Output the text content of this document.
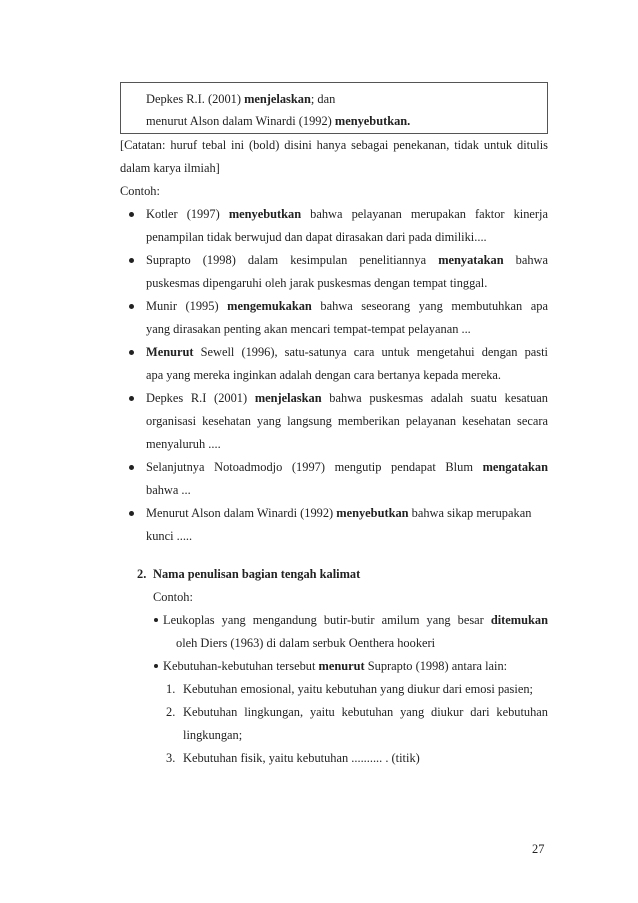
Depkes R.I. (2001) menjelaskan; dan
menurut Alson dalam Winardi (1992) menyebutkan.
[Catatan: huruf tebal ini (bold) disini hanya sebagai penekanan, tidak untuk ditulis
dalam karya ilmiah]
Contoh:
Kotler (1997) menyebutkan bahwa pelayanan merupakan faktor kinerja
penampilan tidak berwujud dan dapat dirasakan dari pada dimiliki....
Suprapto (1998) dalam kesimpulan penelitiannya menyatakan bahwa
puskesmas dipengaruhi oleh jarak puskesmas dengan tempat tinggal.
Munir (1995) mengemukakan bahwa seseorang yang membutuhkan apa
yang dirasakan penting akan mencari tempat-tempat pelayanan ...
Menurut Sewell (1996), satu-satunya cara untuk mengetahui dengan pasti
apa yang mereka inginkan adalah dengan cara bertanya kepada mereka.
Depkes R.I (2001) menjelaskan bahwa puskesmas adalah suatu kesatuan
organisasi kesehatan yang langsung memberikan pelayanan kesehatan secara
menyaluruh ....
Selanjutnya Notoadmodjo (1997) mengutip pendapat Blum mengatakan
bahwa ...
Menurut Alson dalam Winardi (1992) menyebutkan bahwa sikap merupakan
kunci .....
2. Nama penulisan bagian tengah kalimat
Contoh:
Leukoplas yang mengandung butir-butir amilum yang besar ditemukan
oleh Diers (1963) di dalam serbuk Oenthera hookeri
Kebutuhan-kebutuhan tersebut menurut Suprapto (1998) antara lain:
1. Kebutuhan emosional, yaitu kebutuhan yang diukur dari emosi pasien;
2. Kebutuhan lingkungan, yaitu kebutuhan yang diukur dari kebutuhan
lingkungan;
3. Kebutuhan fisik, yaitu kebutuhan .......... . (titik)
27
